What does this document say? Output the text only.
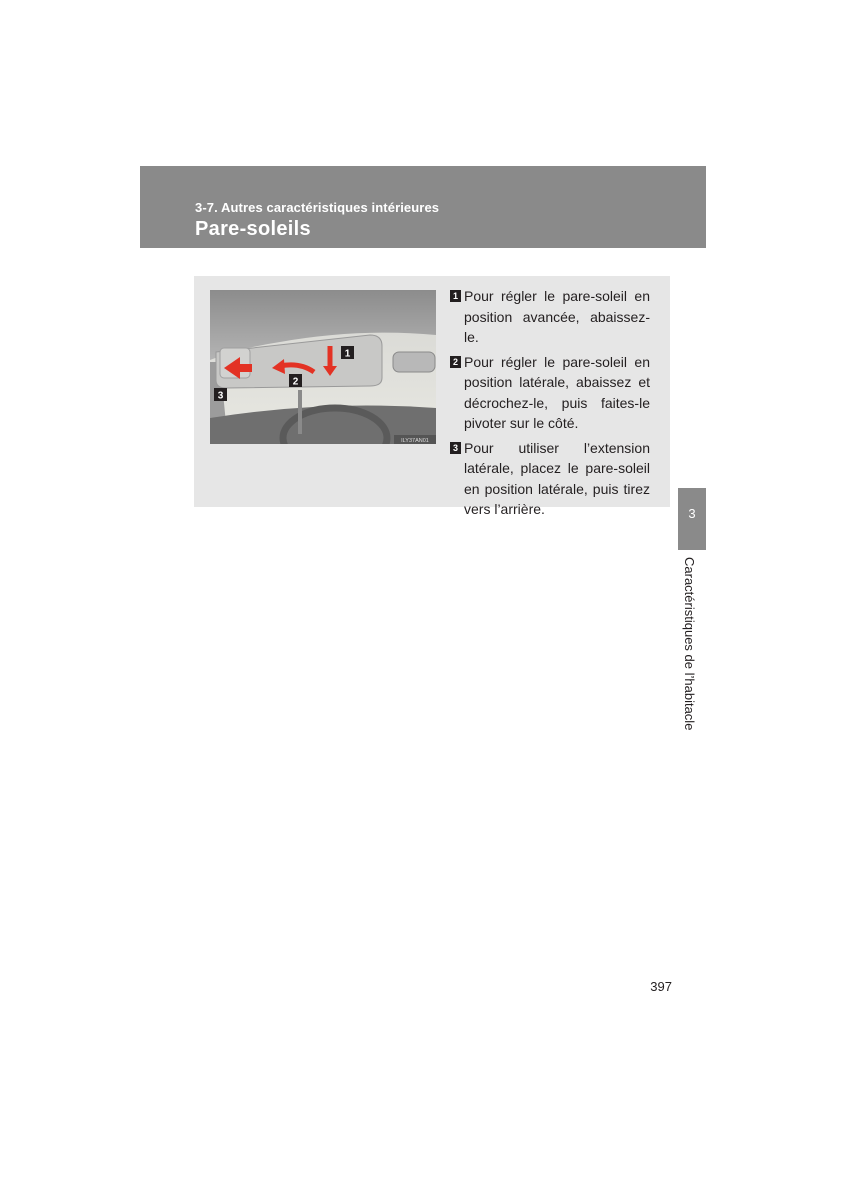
3-7. Autres caractéristiques intérieures
Pare-soleils
1
2
3
ILY37AN01
1 Pour régler le pare-soleil en position avancée, abaissez-le.
2 Pour régler le pare-soleil en position latérale, abaissez et décrochez-le, puis faites-le pivoter sur le côté.
3 Pour utiliser l’extension latérale, placez le pare-soleil en position latérale, puis tirez vers l’arrière.	3
Caractéristiques de l’habitacle
397
